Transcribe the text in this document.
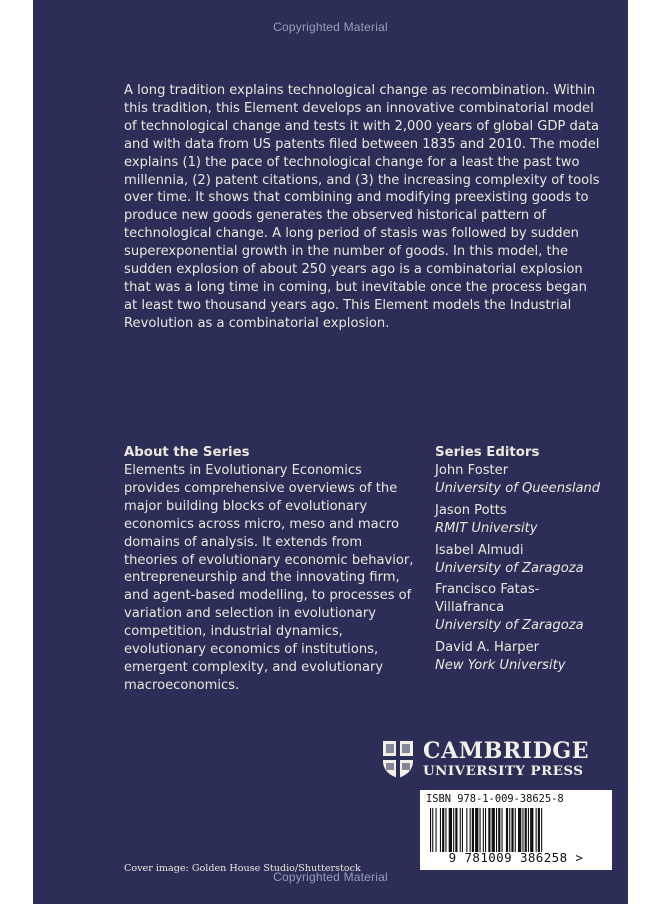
Copyrighted Material
A long tradition explains technological change as recombination. Within this tradition, this Element develops an innovative combinatorial model of technological change and tests it with 2,000 years of global GDP data and with data from US patents filed between 1835 and 2010. The model explains (1) the pace of technological change for a least the past two millennia, (2) patent citations, and (3) the increasing complexity of tools over time. It shows that combining and modifying preexisting goods to produce new goods generates the observed historical pattern of technological change. A long period of stasis was followed by sudden superexponential growth in the number of goods. In this model, the sudden explosion of about 250 years ago is a combinatorial explosion that was a long time in coming, but inevitable once the process began at least two thousand years ago. This Element models the Industrial Revolution as a combinatorial explosion.
About the Series
Elements in Evolutionary Economics provides comprehensive overviews of the major building blocks of evolutionary economics across micro, meso and macro domains of analysis. It extends from theories of evolutionary economic behavior, entrepreneurship and the innovating firm, and agent-based modelling, to processes of variation and selection in evolutionary competition, industrial dynamics, evolutionary economics of institutions, emergent complexity, and evolutionary macroeconomics.
Series Editors
John Foster
University of Queensland
Jason Potts
RMIT University
Isabel Almudi
University of Zaragoza
Francisco Fatas-Villafranca
University of Zaragoza
David A. Harper
New York University
CAMBRIDGE
UNIVERSITY PRESS
ISBN 978-1-009-38625-8
9 781009 386258 >
Cover image: Golden House Studio/Shutterstock
Copyrighted Material
